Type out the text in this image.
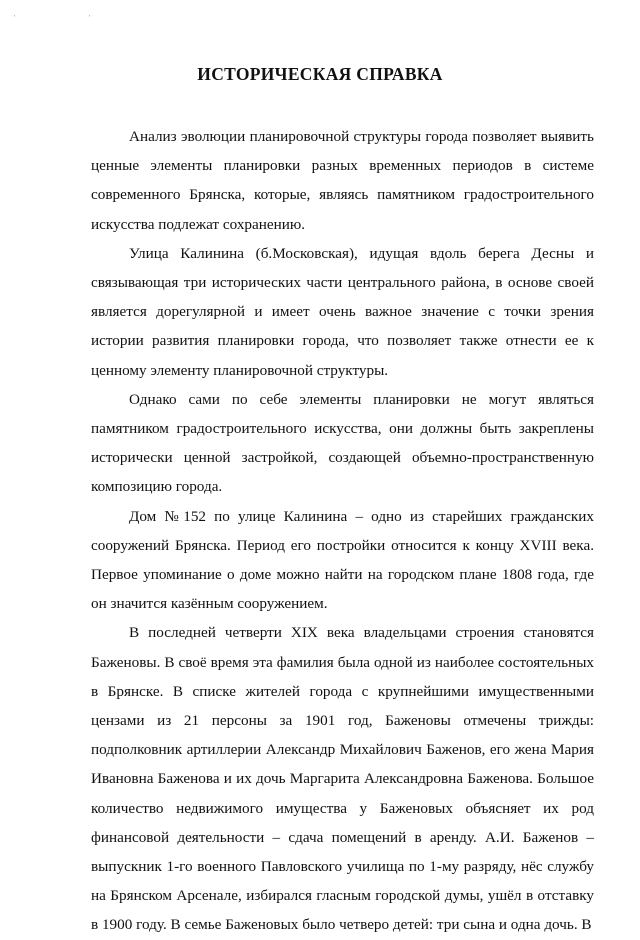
' '
ИСТОРИЧЕСКАЯ СПРАВКА

Анализ эволюции планировочной структуры города позволяет выявить ценные элементы планировки разных временных периодов в системе современного Брянска, которые, являясь памятником градостроительного искусства подлежат сохранению.

Улица Калинина (б.Московская), идущая вдоль берега Десны и связывающая три исторических части центрального района, в основе своей является дорегулярной и имеет очень важное значение с точки зрения истории развития планировки города, что позволяет также отнести ее к ценному элементу планировочной структуры.

Однако сами по себе элементы планировки не могут являться памятником градостроительного искусства, они должны быть закреплены исторически ценной застройкой, создающей объемно-пространственную композицию города.

Дом №152 по улице Калинина – одно из старейших гражданских сооружений Брянска. Период его постройки относится к концу XVIII века. Первое упоминание о доме можно найти на городском плане 1808 года, где он значится казённым сооружением.

В последней четверти XIX века владельцами строения становятся Баженовы. В своё время эта фамилия была одной из наиболее состоятельных в Брянске. В списке жителей города с крупнейшими имущественными цензами из 21 персоны за 1901 год, Баженовы отмечены трижды: подполковник артиллерии Александр Михайлович Баженов, его жена Мария Ивановна Баженова и их дочь Маргарита Александровна Баженова. Большое количество недвижимого имущества у Баженовых объясняет их род финансовой деятельности – сдача помещений в аренду. А.И. Баженов – выпускник 1-го военного Павловского училища по 1-му разряду, нёс службу на Брянском Арсенале, избирался гласным городской думы, ушёл в отставку в 1900 году. В семье Баженовых было четверо детей: три сына и одна дочь. В
